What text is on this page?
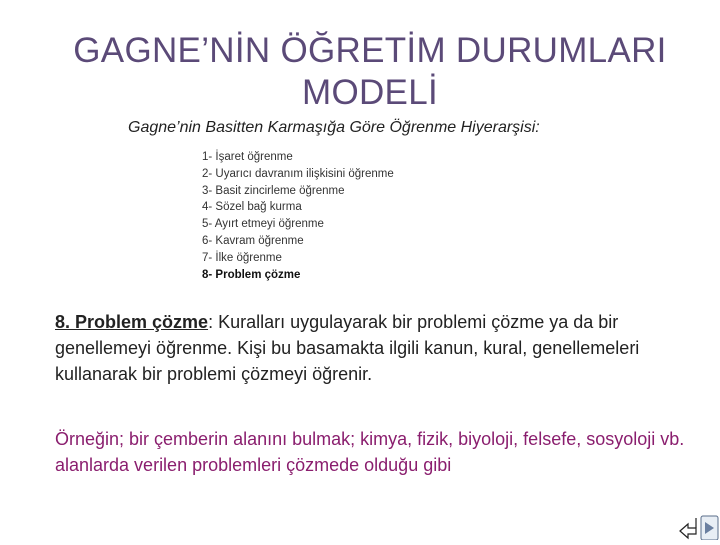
GAGNE’NİN ÖĞRETİM DURUMLARI
MODELİ
Gagne’nin Basitten Karmaşığa Göre Öğrenme Hiyerarşisi:
1- İşaret öğrenme
2- Uyarıcı davranım ilişkisini öğrenme
3- Basit zincirleme öğrenme
4- Sözel bağ kurma
5- Ayırt etmeyi öğrenme
6- Kavram öğrenme
7- İlke öğrenme
8- Problem çözme
8. Problem çözme: Kuralları uygulayarak bir problemi çözme ya da bir genellemeyi öğrenme. Kişi bu basamakta ilgili kanun, kural, genellemeleri kullanarak bir problemi çözmeyi öğrenir.
Örneğin; bir çemberin alanını bulmak; kimya, fizik, biyoloji, felsefe, sosyoloji vb. alanlarda verilen problemleri çözmede olduğu gibi
